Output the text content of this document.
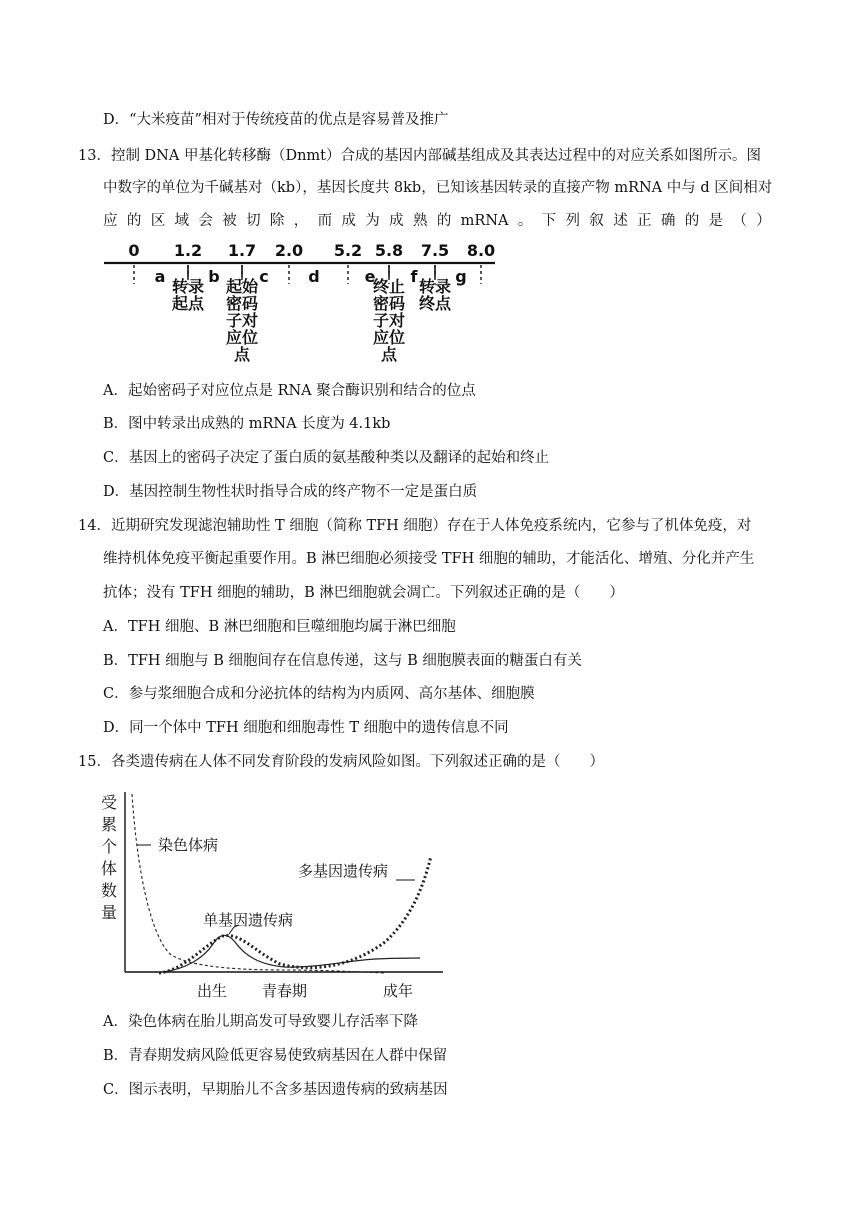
D．“大米疫苗”相对于传统疫苗的优点是容易普及推广
13．控制 DNA 甲基化转移酶（Dnmt）合成的基因内部碱基组成及其表达过程中的对应关系如图所示。图
中数字的单位为千碱基对（kb），基因长度共 8kb，已知该基因转录的直接产物 mRNA 中与 d 区间相对
应 的 区 域 会 被 切 除 ， 而 成 为 成 熟 的 mRNA 。 下 列 叙 述 正 确 的 是 （ ）
0 1.2 1.7 2.0 5.2 5.8 7.5 8.0
a	b c d	e f g
转录
起点
起始
密码
子对
应位
点
终止
密码
子对
应位
点
转录
终点
A．起始密码子对应位点是 RNA 聚合酶识别和结合的位点
B．图中转录出成熟的 mRNA 长度为 4.1kb
C．基因上的密码子决定了蛋白质的氨基酸种类以及翻译的起始和终止
D．基因控制生物性状时指导合成的终产物不一定是蛋白质
14．近期研究发现滤泡辅助性 T 细胞（简称 TFH 细胞）存在于人体免疫系统内，它参与了机体免疫，对
维持机体免疫平衡起重要作用。B 淋巴细胞必须接受 TFH 细胞的辅助，才能活化、增殖、分化并产生
抗体；没有 TFH 细胞的辅助，B 淋巴细胞就会凋亡。下列叙述正确的是（　　）
A．TFH 细胞、B 淋巴细胞和巨噬细胞均属于淋巴细胞
B．TFH 细胞与 B 细胞间存在信息传递，这与 B 细胞膜表面的糖蛋白有关
C．参与浆细胞合成和分泌抗体的结构为内质网、高尔基体、细胞膜
D．同一个体中 TFH 细胞和细胞毒性 T 细胞中的遗传信息不同
15．各类遗传病在人体不同发育阶段的发病风险如图。下列叙述正确的是（　　）
受
累
个
体
数
量
染色体病
多基因遗传病
单基因遗传病
出生 青春期	成年
A．染色体病在胎儿期高发可导致婴儿存活率下降
B．青春期发病风险低更容易使致病基因在人群中保留
C．图示表明，早期胎儿不含多基因遗传病的致病基因
